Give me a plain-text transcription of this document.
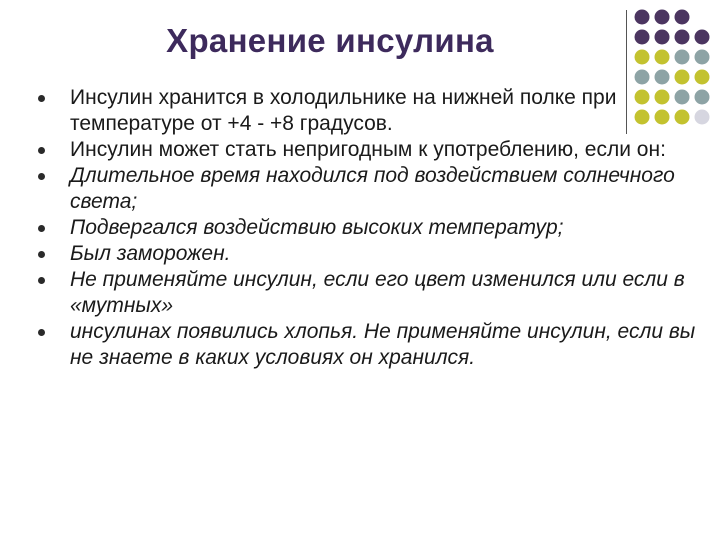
Хранение инсулина
Инсулин хранится в холодильнике на нижней полке при температуре от +4 - +8 градусов.
Инсулин может стать непригодным к употреблению, если он:
Длительное время находился под воздействием солнечного света;
Подвергался воздействию высоких температур;
Был заморожен.
Не применяйте инсулин, если его цвет изменился или если в «мутных»
инсулинах появились хлопья. Не применяйте инсулин, если вы не знаете в каких условиях он хранился.
